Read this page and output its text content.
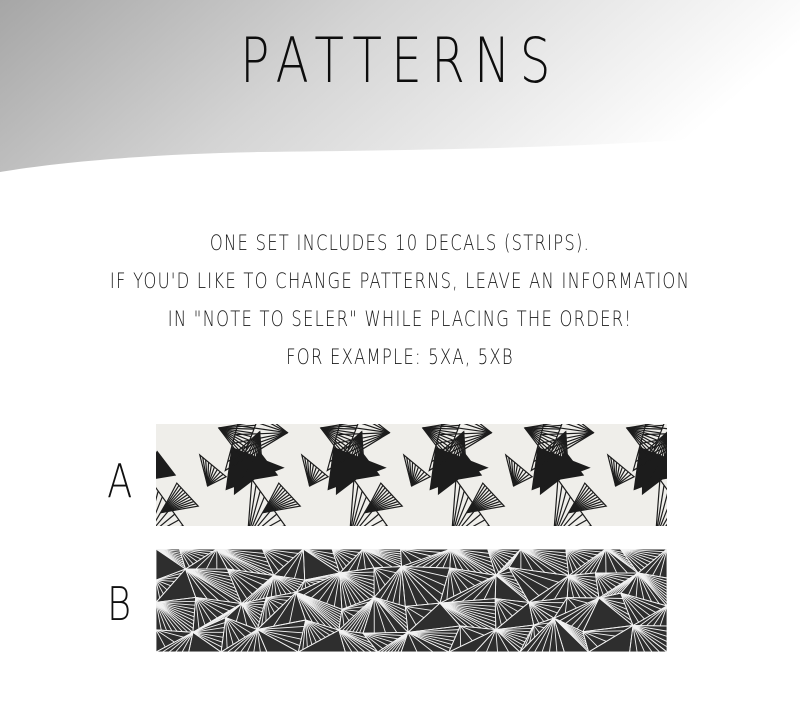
PATTERNS
ONE SET INCLUDES 10 DECALS (STRIPS).
IF YOU'D LIKE TO CHANGE PATTERNS, LEAVE AN INFORMATION
IN "NOTE TO SELER" WHILE PLACING THE ORDER!
FOR EXAMPLE: 5XA, 5XB
A
B
